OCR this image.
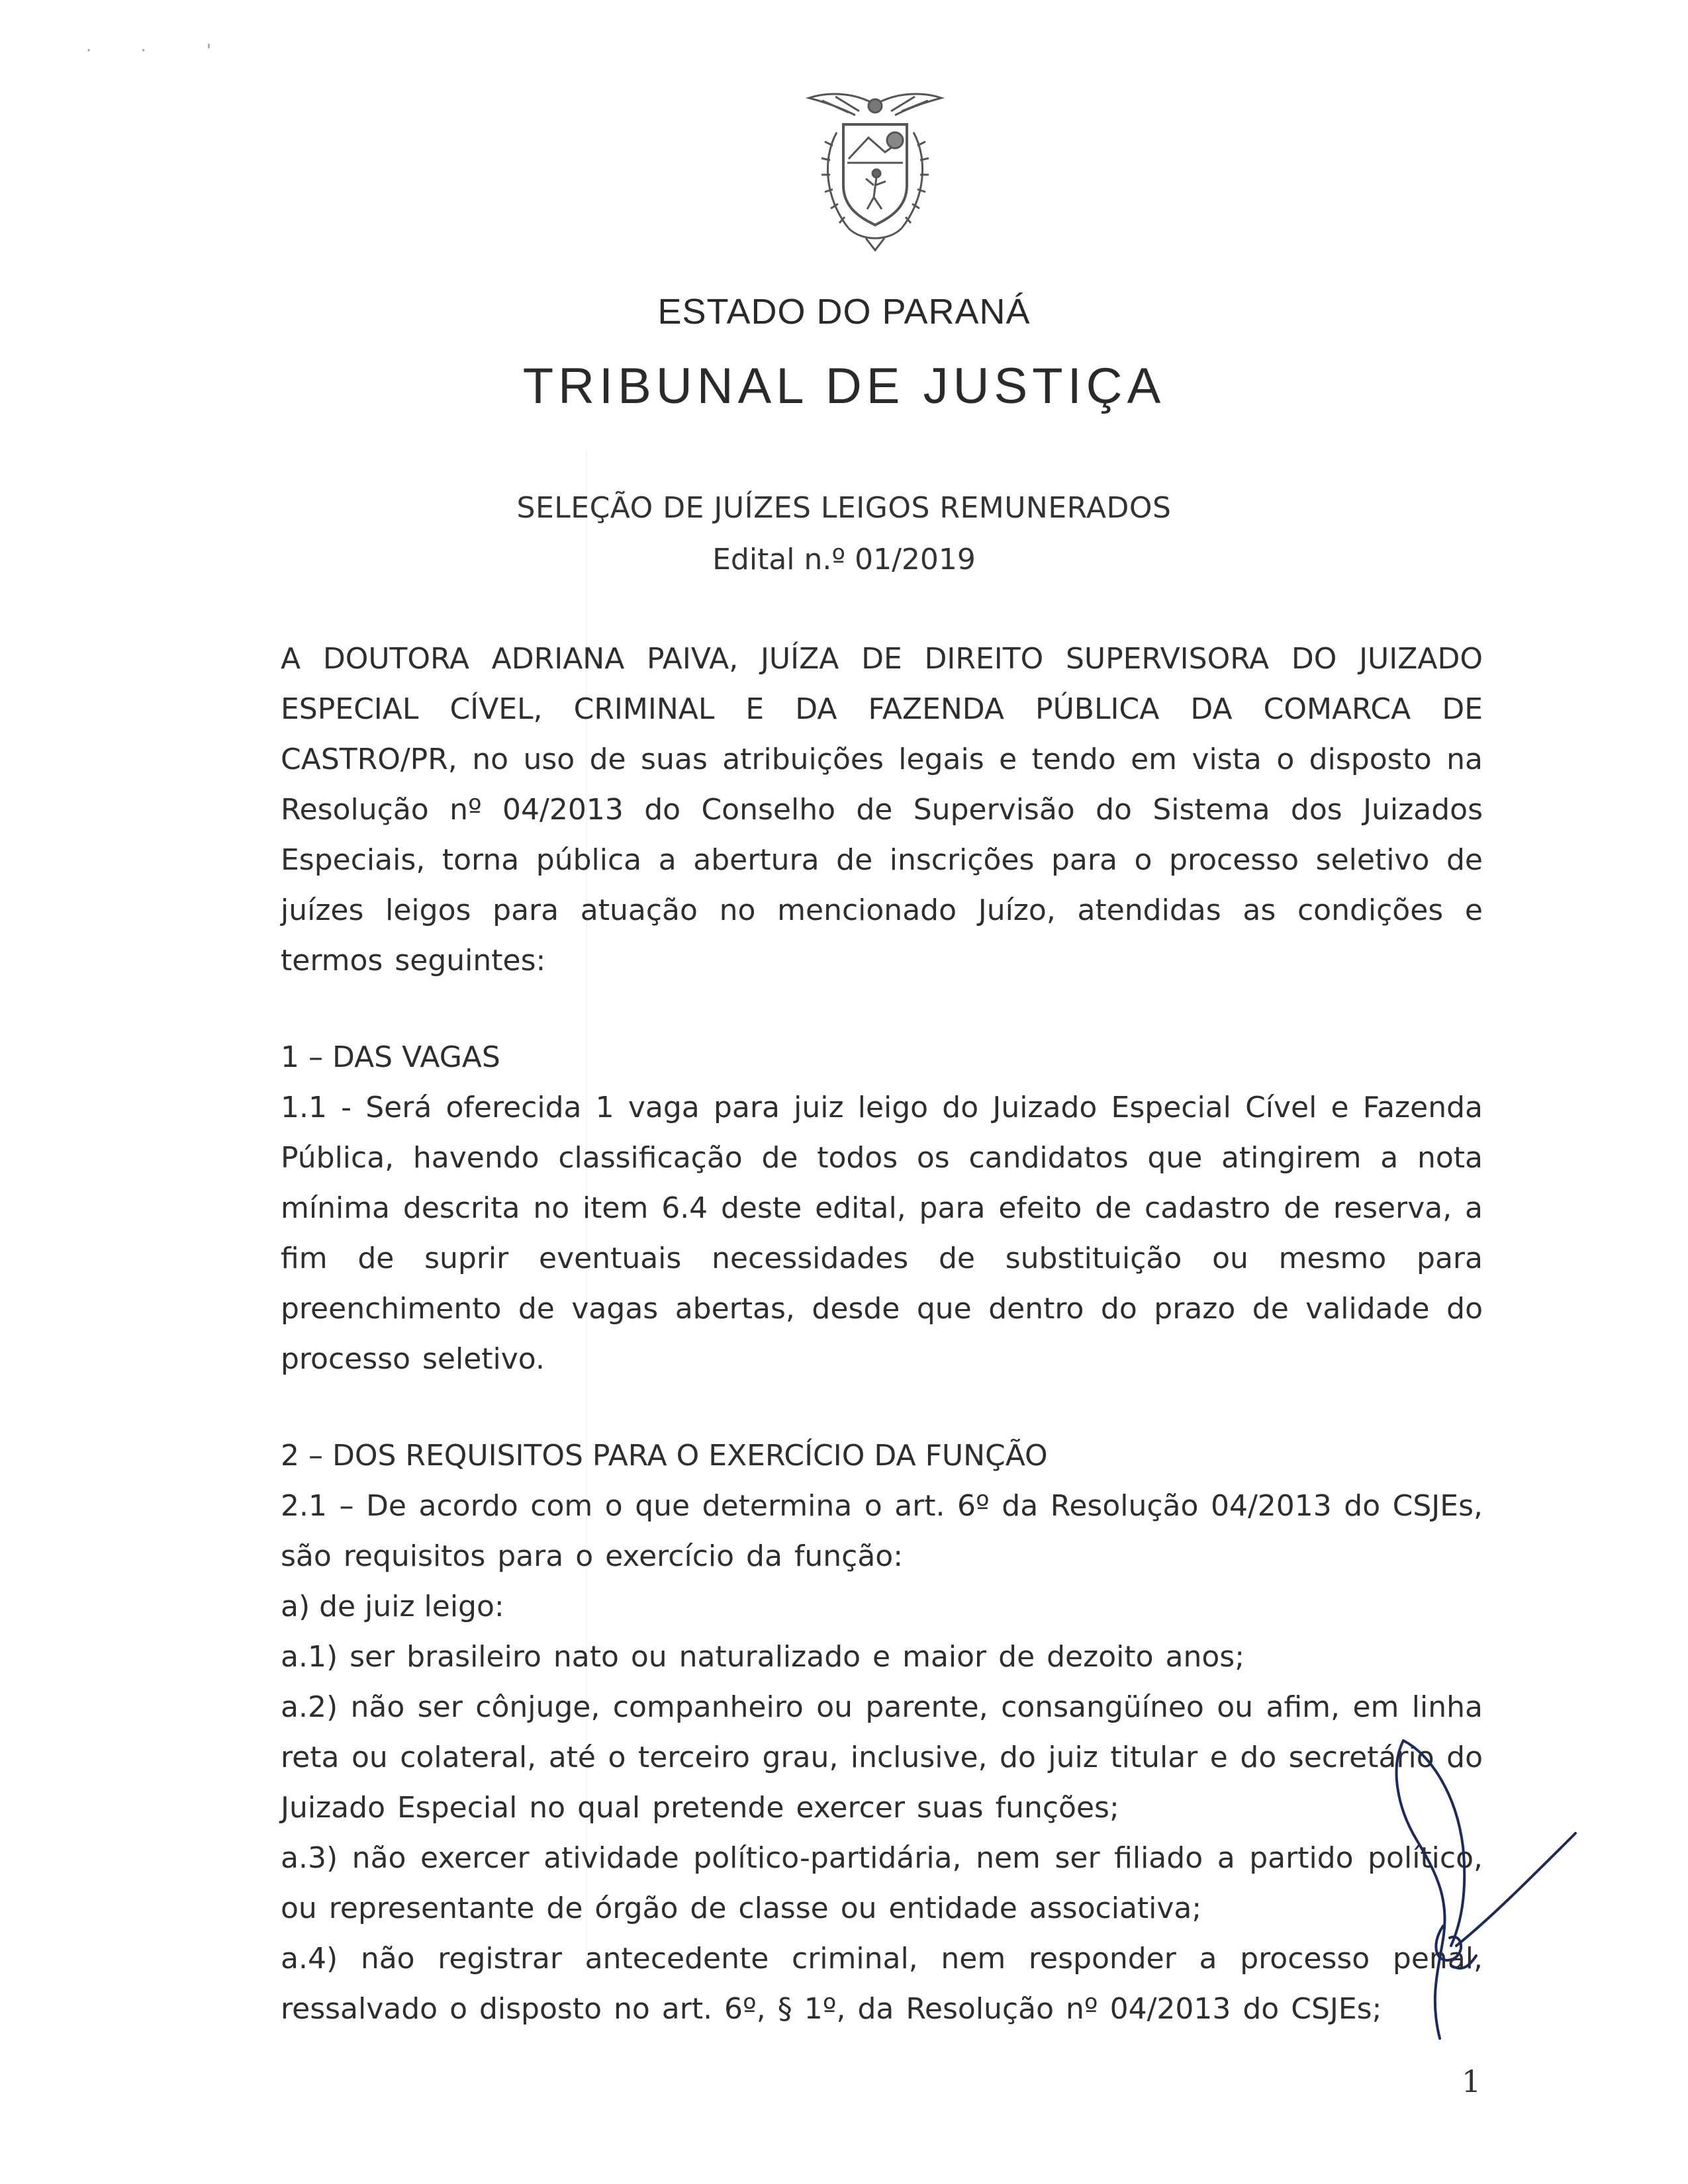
·         ·           '
ESTADO DO PARANÁ
TRIBUNAL DE JUSTIÇA
SELEÇÃO DE JUÍZES LEIGOS REMUNERADOS
Edital n.º 01/2019

A DOUTORA ADRIANA PAIVA, JUÍZA DE DIREITO SUPERVISORA DO JUIZADO ESPECIAL CÍVEL, CRIMINAL E DA FAZENDA PÚBLICA DA COMARCA DE CASTRO/PR, no uso de suas atribuições legais e tendo em vista o disposto na Resolução nº 04/2013 do Conselho de Supervisão do Sistema dos Juizados Especiais, torna pública a abertura de inscrições para o processo seletivo de juízes leigos para atuação no mencionado Juízo, atendidas as condições e termos seguintes:

1 – DAS VAGAS

1.1 - Será oferecida 1 vaga para juiz leigo do Juizado Especial Cível e Fazenda Pública, havendo classificação de todos os candidatos que atingirem a nota mínima descrita no item 6.4 deste edital, para efeito de cadastro de reserva, a fim de suprir eventuais necessidades de substituição ou mesmo para preenchimento de vagas abertas, desde que dentro do prazo de validade do processo seletivo.

2 – DOS REQUISITOS PARA O EXERCÍCIO DA FUNÇÃO

2.1 – De acordo com o que determina o art. 6º da Resolução 04/2013 do CSJEs, são requisitos para o exercício da função:

a) de juiz leigo:

a.1) ser brasileiro nato ou naturalizado e maior de dezoito anos;

a.2) não ser cônjuge, companheiro ou parente, consangüíneo ou afim, em linha reta ou colateral, até o terceiro grau, inclusive, do juiz titular e do secretário do Juizado Especial no qual pretende exercer suas funções;

a.3) não exercer atividade político-partidária, nem ser filiado a partido político, ou representante de órgão de classe ou entidade associativa;

a.4) não registrar antecedente criminal, nem responder a processo penal, ressalvado o disposto no art. 6º, § 1º, da Resolução nº 04/2013 do CSJEs;

1
